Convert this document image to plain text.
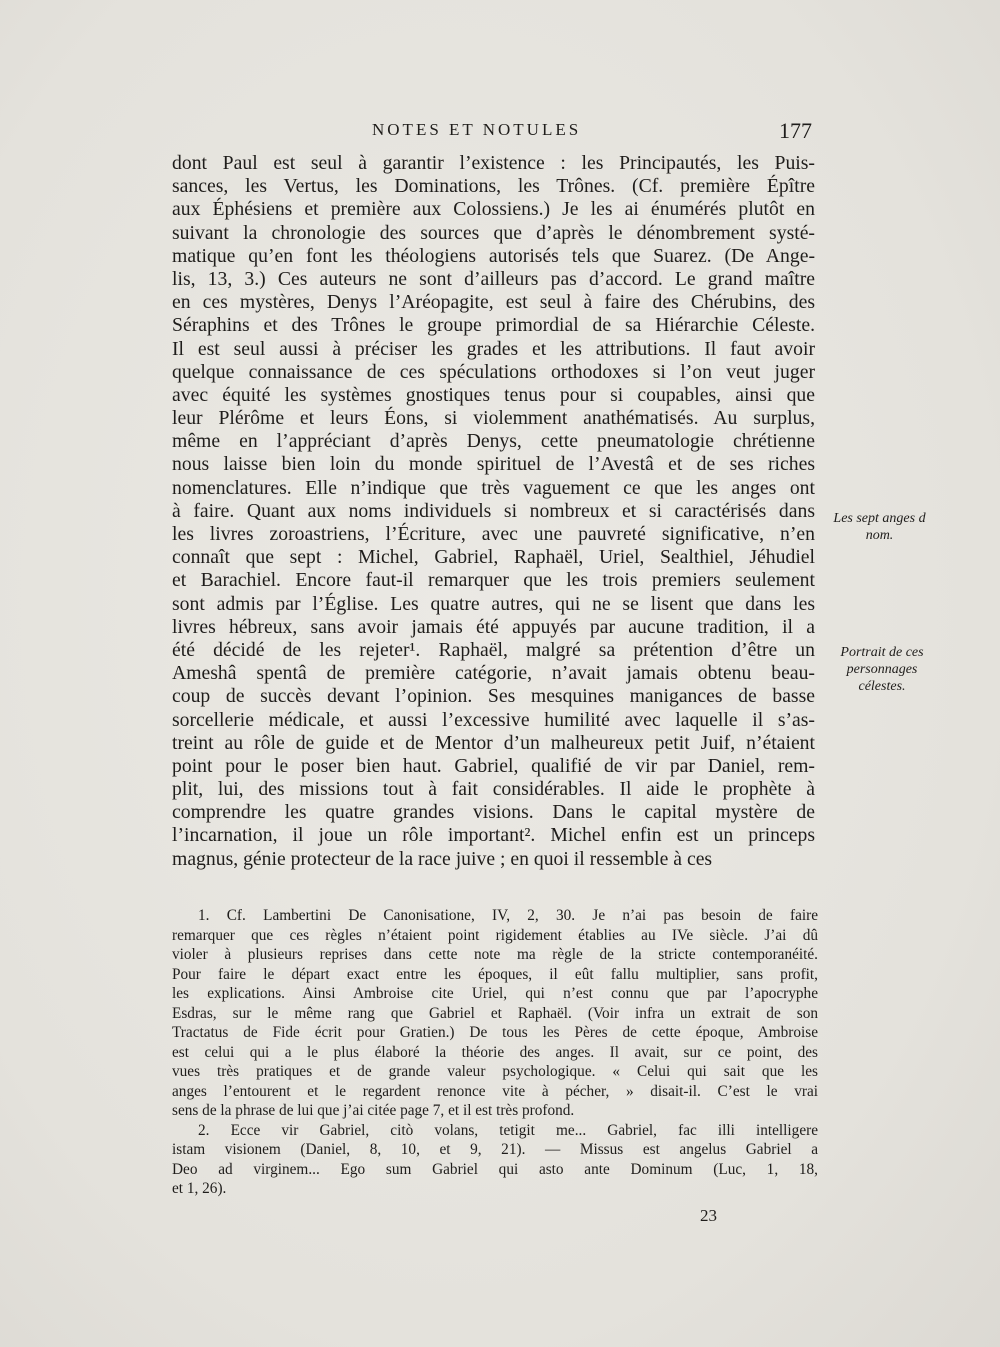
NOTES ET NOTULES	177
dont Paul est seul à garantir l’existence : les Principautés, les Puis-
sances, les Vertus, les Dominations, les Trônes. (Cf. première Épître
aux Éphésiens et première aux Colossiens.) Je les ai énumérés plutôt en
suivant la chronologie des sources que d’après le dénombrement systé-
matique qu’en font les théologiens autorisés tels que Suarez. (De Ange-
lis, 13, 3.) Ces auteurs ne sont d’ailleurs pas d’accord. Le grand maître
en ces mystères, Denys l’Aréopagite, est seul à faire des Chérubins, des
Séraphins et des Trônes le groupe primordial de sa Hiérarchie Céleste.
Il est seul aussi à préciser les grades et les attributions. Il faut avoir
quelque connaissance de ces spéculations orthodoxes si l’on veut juger
avec équité les systèmes gnostiques tenus pour si coupables, ainsi que
leur Plérôme et leurs Éons, si violemment anathématisés. Au surplus,
même en l’appréciant d’après Denys, cette pneumatologie chrétienne
nous laisse bien loin du monde spirituel de l’Avestâ et de ses riches
nomenclatures. Elle n’indique que très vaguement ce que les anges ont
à faire. Quant aux noms individuels si nombreux et si caractérisés dans
les livres zoroastriens, l’Écriture, avec une pauvreté significative, n’en
connaît que sept : Michel, Gabriel, Raphaël, Uriel, Sealthiel, Jéhudiel
et Barachiel. Encore faut-il remarquer que les trois premiers seulement
sont admis par l’Église. Les quatre autres, qui ne se lisent que dans les
livres hébreux, sans avoir jamais été appuyés par aucune tradition, il a
été décidé de les rejeter¹. Raphaël, malgré sa prétention d’être un
Ameshâ spentâ de première catégorie, n’avait jamais obtenu beau-
coup de succès devant l’opinion. Ses mesquines manigances de basse
sorcellerie médicale, et aussi l’excessive humilité avec laquelle il s’as-
treint au rôle de guide et de Mentor d’un malheureux petit Juif, n’étaient
point pour le poser bien haut. Gabriel, qualifié de vir par Daniel, rem-
plit, lui, des missions tout à fait considérables. Il aide le prophète à
comprendre les quatre grandes visions. Dans le capital mystère de
l’incarnation, il joue un rôle important². Michel enfin est un princeps
magnus, génie protecteur de la race juive ; en quoi il ressemble à ces
Les sept anges d nom.
Portrait de ces personnages célestes.
1. Cf. Lambertini De Canonisatione, IV, 2, 30. Je n’ai pas besoin de faire
remarquer que ces règles n’étaient point rigidement établies au IVe siècle. J’ai dû
violer à plusieurs reprises dans cette note ma règle de la stricte contemporanéité.
Pour faire le départ exact entre les époques, il eût fallu multiplier, sans profit,
les explications. Ainsi Ambroise cite Uriel, qui n’est connu que par l’apocryphe
Esdras, sur le même rang que Gabriel et Raphaël. (Voir infra un extrait de son
Tractatus de Fide écrit pour Gratien.) De tous les Pères de cette époque, Ambroise
est celui qui a le plus élaboré la théorie des anges. Il avait, sur ce point, des
vues très pratiques et de grande valeur psychologique. « Celui qui sait que les
anges l’entourent et le regardent renonce vite à pécher, » disait-il. C’est le vrai
sens de la phrase de lui que j’ai citée page 7, et il est très profond.
2. Ecce vir Gabriel, citò volans, tetigit me... Gabriel, fac illi intelligere
istam visionem (Daniel, 8, 10, et 9, 21). — Missus est angelus Gabriel a
Deo ad virginem... Ego sum Gabriel qui asto ante Dominum (Luc, 1, 18,
et 1, 26).
23
